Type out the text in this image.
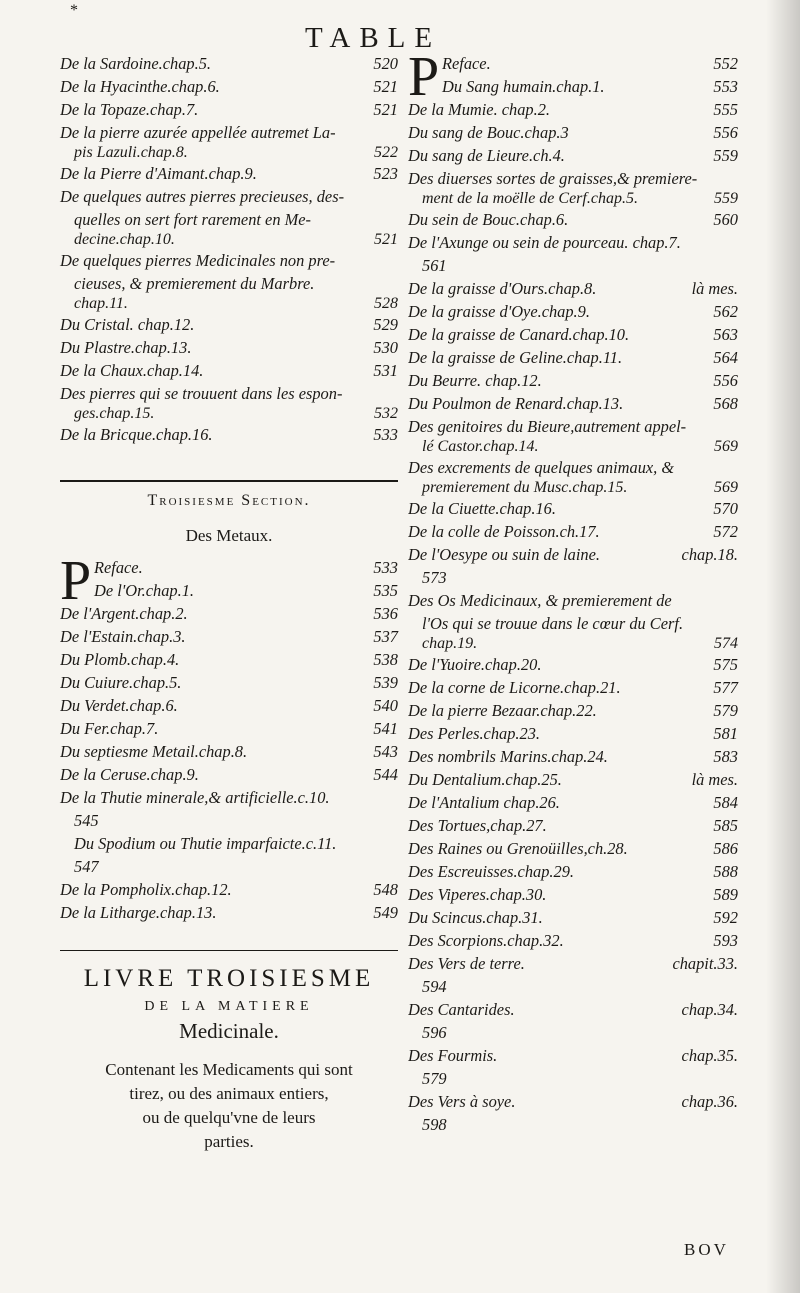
*
TABLE
De la Sardoine.chap.5.	520
De la Hyacinthe.chap.6.	521
De la Topaze.chap.7.	521
De la pierre azurée appellée autremet La-
pis Lazuli.chap.8.	522
De la Pierre d'Aimant.chap.9.	523
De quelques autres pierres precieuses, des-
quelles on sert fort rarement en Me-
decine.chap.10.	521
De quelques pierres Medicinales non pre-
cieuses, & premierement du Marbre.
chap.11.	528
Du Cristal. chap.12.	529
Du Plastre.chap.13.	530
De la Chaux.chap.14.	531
Des pierres qui se trouuent dans les espon-
ges.chap.15.	532
De la Bricque.chap.16.	533
Troisiesme Section.
Des Metaux.
P Reface.	533
De l'Or.chap.1.	535
De l'Argent.chap.2.	536
De l'Estain.chap.3.	537
Du Plomb.chap.4.	538
Du Cuiure.chap.5.	539
Du Verdet.chap.6.	540
Du Fer.chap.7.	541
Du septiesme Metail.chap.8.	543
De la Ceruse.chap.9.	544
De la Thutie minerale,& artificielle.c.10.
545
Du Spodium ou Thutie imparfaicte.c.11.
547
De la Pompholix.chap.12.	548
De la Litharge.chap.13.	549
LIVRE TROISIESME
DE LA MATIERE
Medicinale.
Contenant les Medicaments qui sont
tirez, ou des animaux entiers,
ou de quelqu'vne de leurs
parties.
P Reface.	552
Du Sang humain.chap.1.	553
De la Mumie. chap.2.	555
Du sang de Bouc.chap.3	556
Du sang de Lieure.ch.4.	559
Des diuerses sortes de graisses,& premiere-
ment de la moëlle de Cerf.chap.5.	559
Du sein de Bouc.chap.6.	560
De l'Axunge ou sein de pourceau. chap.7.
561
De la graisse d'Ours.chap.8.	là mes.
De la graisse d'Oye.chap.9.	562
De la graisse de Canard.chap.10.	563
De la graisse de Geline.chap.11.	564
Du Beurre. chap.12.	556
Du Poulmon de Renard.chap.13.	568
Des genitoires du Bieure,autrement appel-
lé Castor.chap.14.	569
Des excrements de quelques animaux, &
premierement du Musc.chap.15.	569
De la Ciuette.chap.16.	570
De la colle de Poisson.ch.17.	572
De l'Oesype ou suin de laine.	chap.18.
573
Des Os Medicinaux, & premierement de
l'Os qui se trouue dans le cœur du Cerf.
chap.19.	574
De l'Yuoire.chap.20.	575
De la corne de Licorne.chap.21.	577
De la pierre Bezaar.chap.22.	579
Des Perles.chap.23.	581
Des nombrils Marins.chap.24.	583
Du Dentalium.chap.25.	là mes.
De l'Antalium chap.26.	584
Des Tortues,chap.27.	585
Des Raines ou Grenoüilles,ch.28.	586
Des Escreuisses.chap.29.	588
Des Viperes.chap.30.	589
Du Scincus.chap.31.	592
Des Scorpions.chap.32.	593
Des Vers de terre.	chapit.33.
594
Des Cantarides.	chap.34.
596
Des Fourmis.	chap.35.
579
Des Vers à soye.	chap.36.
598
BOV
